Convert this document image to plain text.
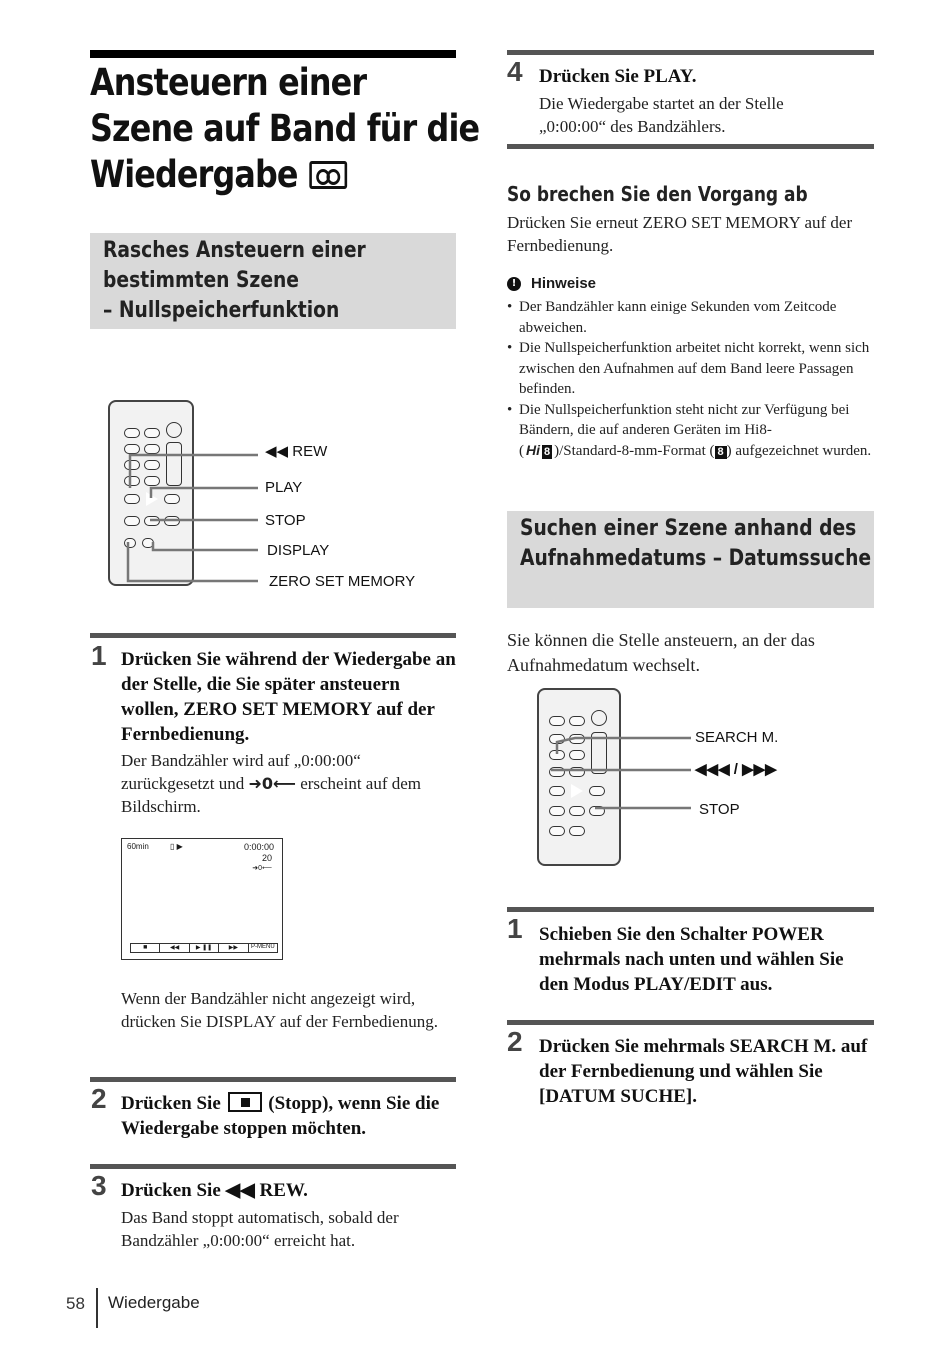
Ansteuern einer
Szene auf Band für die
Wiedergabe
Rasches Ansteuern einer
bestimmten Szene
– Nullspeicherfunktion
◀◀ REW
PLAY
STOP
DISPLAY
ZERO SET MEMORY
1 Drücken Sie während der Wiedergabe an der Stelle, die Sie später ansteuern wollen, ZERO SET MEMORY auf der Fernbedienung.
Der Bandzähler wird auf „0:00:00“ zurückgesetzt und ➜0⟵ erscheint auf dem Bildschirm.
60min	▯ ▶	0:00:00
20
➜0⟵
■	◀◀	▶ ❚❚	▶▶	P-MENU
Wenn der Bandzähler nicht angezeigt wird, drücken Sie DISPLAY auf der Fernbedienung.
2 Drücken Sie	(Stopp), wenn Sie die Wiedergabe stoppen möchten.
3 Drücken Sie ◀◀ REW.
Das Band stoppt automatisch, sobald der Bandzähler „0:00:00“ erreicht hat.
4 Drücken Sie PLAY.
Die Wiedergabe startet an der Stelle „0:00:00“ des Bandzählers.
So brechen Sie den Vorgang ab
Drücken Sie erneut ZERO SET MEMORY auf der Fernbedienung.
! Hinweise
• Der Bandzähler kann einige Sekunden vom Zeitcode abweichen.
• Die Nullspeicherfunktion arbeitet nicht korrekt, wenn sich zwischen den Aufnahmen auf dem Band leere Passagen befinden.
• Die Nullspeicherfunktion steht nicht zur Verfügung bei Bändern, die auf anderen Geräten im Hi8-
( Hi 8 )/Standard-8-mm-Format ( 8 ) aufgezeichnet wurden.
Suchen einer Szene anhand des
Aufnahmedatums – Datumssuche
Sie können die Stelle ansteuern, an der das Aufnahmedatum wechselt.
SEARCH M.
◀◀◀ / ▶▶▶
STOP
1 Schieben Sie den Schalter POWER mehrmals nach unten und wählen Sie den Modus PLAY/EDIT aus.
2 Drücken Sie mehrmals SEARCH M. auf der Fernbedienung und wählen Sie [DATUM SUCHE].
58 Wiedergabe
